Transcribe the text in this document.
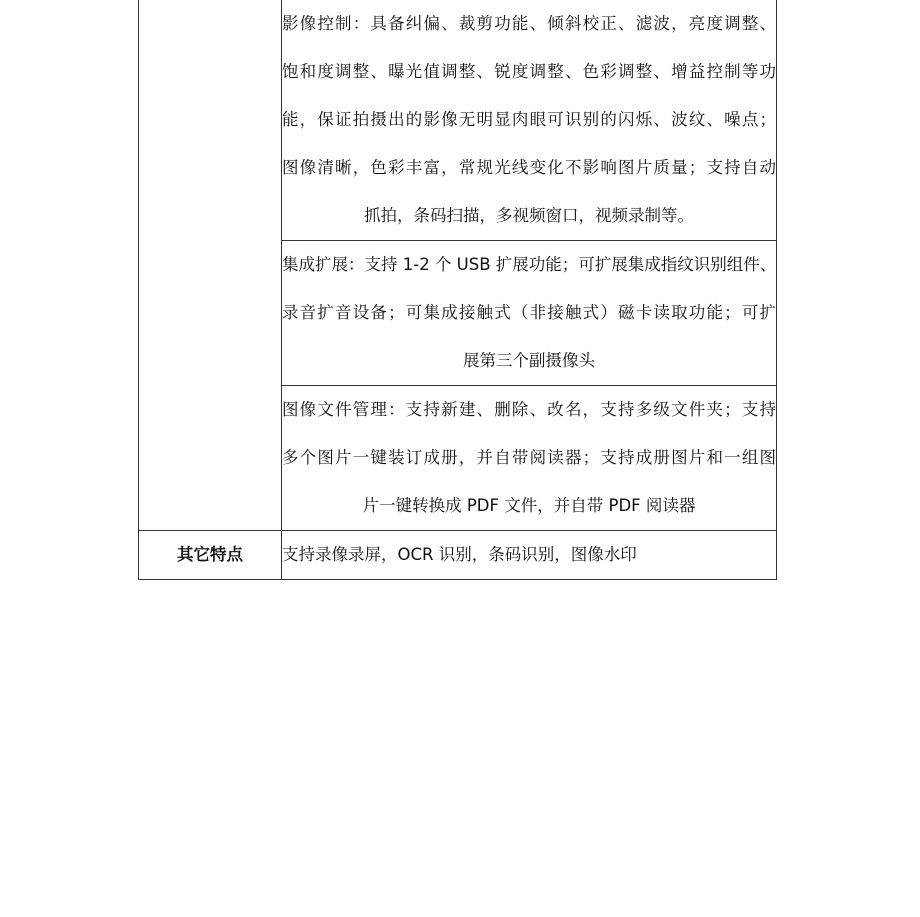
	影像控制：具备纠偏、裁剪功能、倾斜校正、滤波，亮度调整、
饱和度调整、曝光值调整、锐度调整、色彩调整、增益控制等功
能，保证拍摄出的影像无明显肉眼可识别的闪烁、波纹、噪点；
图像清晰，色彩丰富，常规光线变化不影响图片质量；支持自动
抓拍，条码扫描，多视频窗口，视频录制等。

	集成扩展：支持 1-2 个 USB 扩展功能；可扩展集成指纹识别组件、
录音扩音设备；可集成接触式（非接触式）磁卡读取功能；可扩
展第三个副摄像头

	图像文件管理：支持新建、删除、改名，支持多级文件夹；支持
多个图片一键装订成册，并自带阅读器；支持成册图片和一组图
片一键转换成 PDF 文件，并自带 PDF 阅读器

其它特点	支持录像录屏，OCR 识别，条码识别，图像水印
